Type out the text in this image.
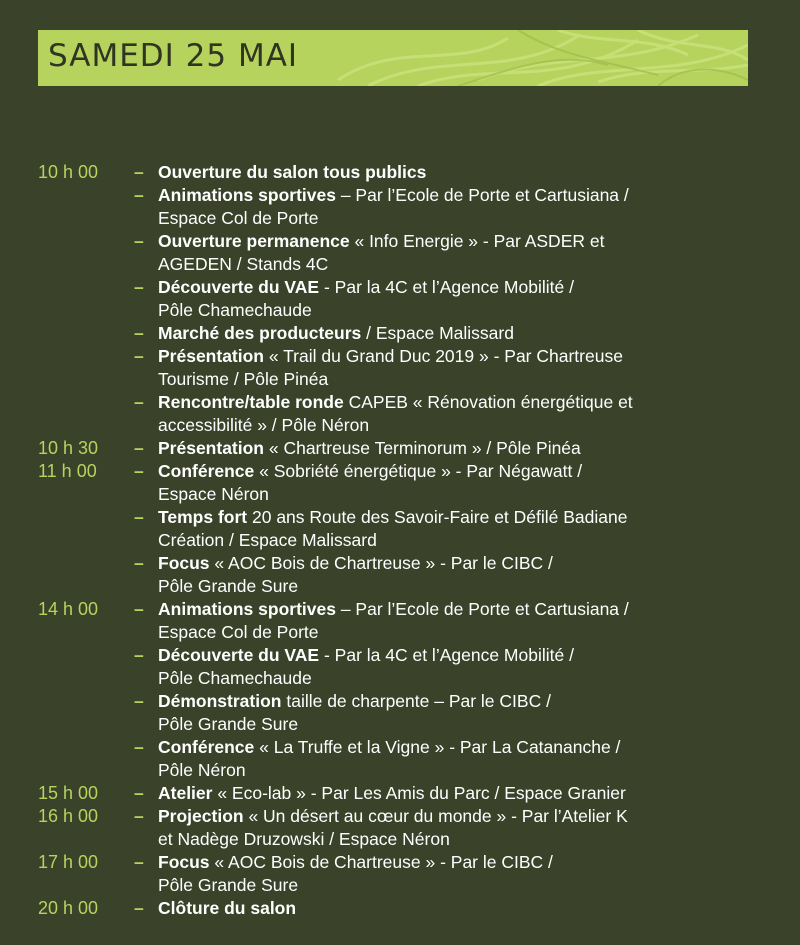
SAMEDI 25 MAI
10 h 00	– Ouverture du salon tous publics
– Animations sportives – Par l’Ecole de Porte et Cartusiana /
Espace Col de Porte
– Ouverture permanence « Info Energie » - Par ASDER et
AGEDEN / Stands 4C
– Découverte du VAE - Par la 4C et l’Agence Mobilité /
Pôle Chamechaude
– Marché des producteurs / Espace Malissard
– Présentation « Trail du Grand Duc 2019 » - Par Chartreuse
Tourisme / Pôle Pinéa
– Rencontre/table ronde CAPEB « Rénovation énergétique et
accessibilité » / Pôle Néron
10 h 30	– Présentation « Chartreuse Terminorum » / Pôle Pinéa
11 h 00	– Conférence « Sobriété énergétique » - Par Négawatt /
Espace Néron
– Temps fort 20 ans Route des Savoir-Faire et Défilé Badiane
Création / Espace Malissard
– Focus « AOC Bois de Chartreuse » - Par le CIBC /
Pôle Grande Sure
14 h 00	– Animations sportives – Par l’Ecole de Porte et Cartusiana /
Espace Col de Porte
– Découverte du VAE - Par la 4C et l’Agence Mobilité /
Pôle Chamechaude
– Démonstration taille de charpente – Par le CIBC /
Pôle Grande Sure
– Conférence « La Truffe et la Vigne » - Par La Catananche /
Pôle Néron
15 h 00	– Atelier « Eco-lab » - Par Les Amis du Parc / Espace Granier
16 h 00	– Projection « Un désert au cœur du monde » - Par l’Atelier K
et Nadège Druzowski / Espace Néron
17 h 00	– Focus « AOC Bois de Chartreuse » - Par le CIBC /
Pôle Grande Sure
20 h 00	– Clôture du salon
